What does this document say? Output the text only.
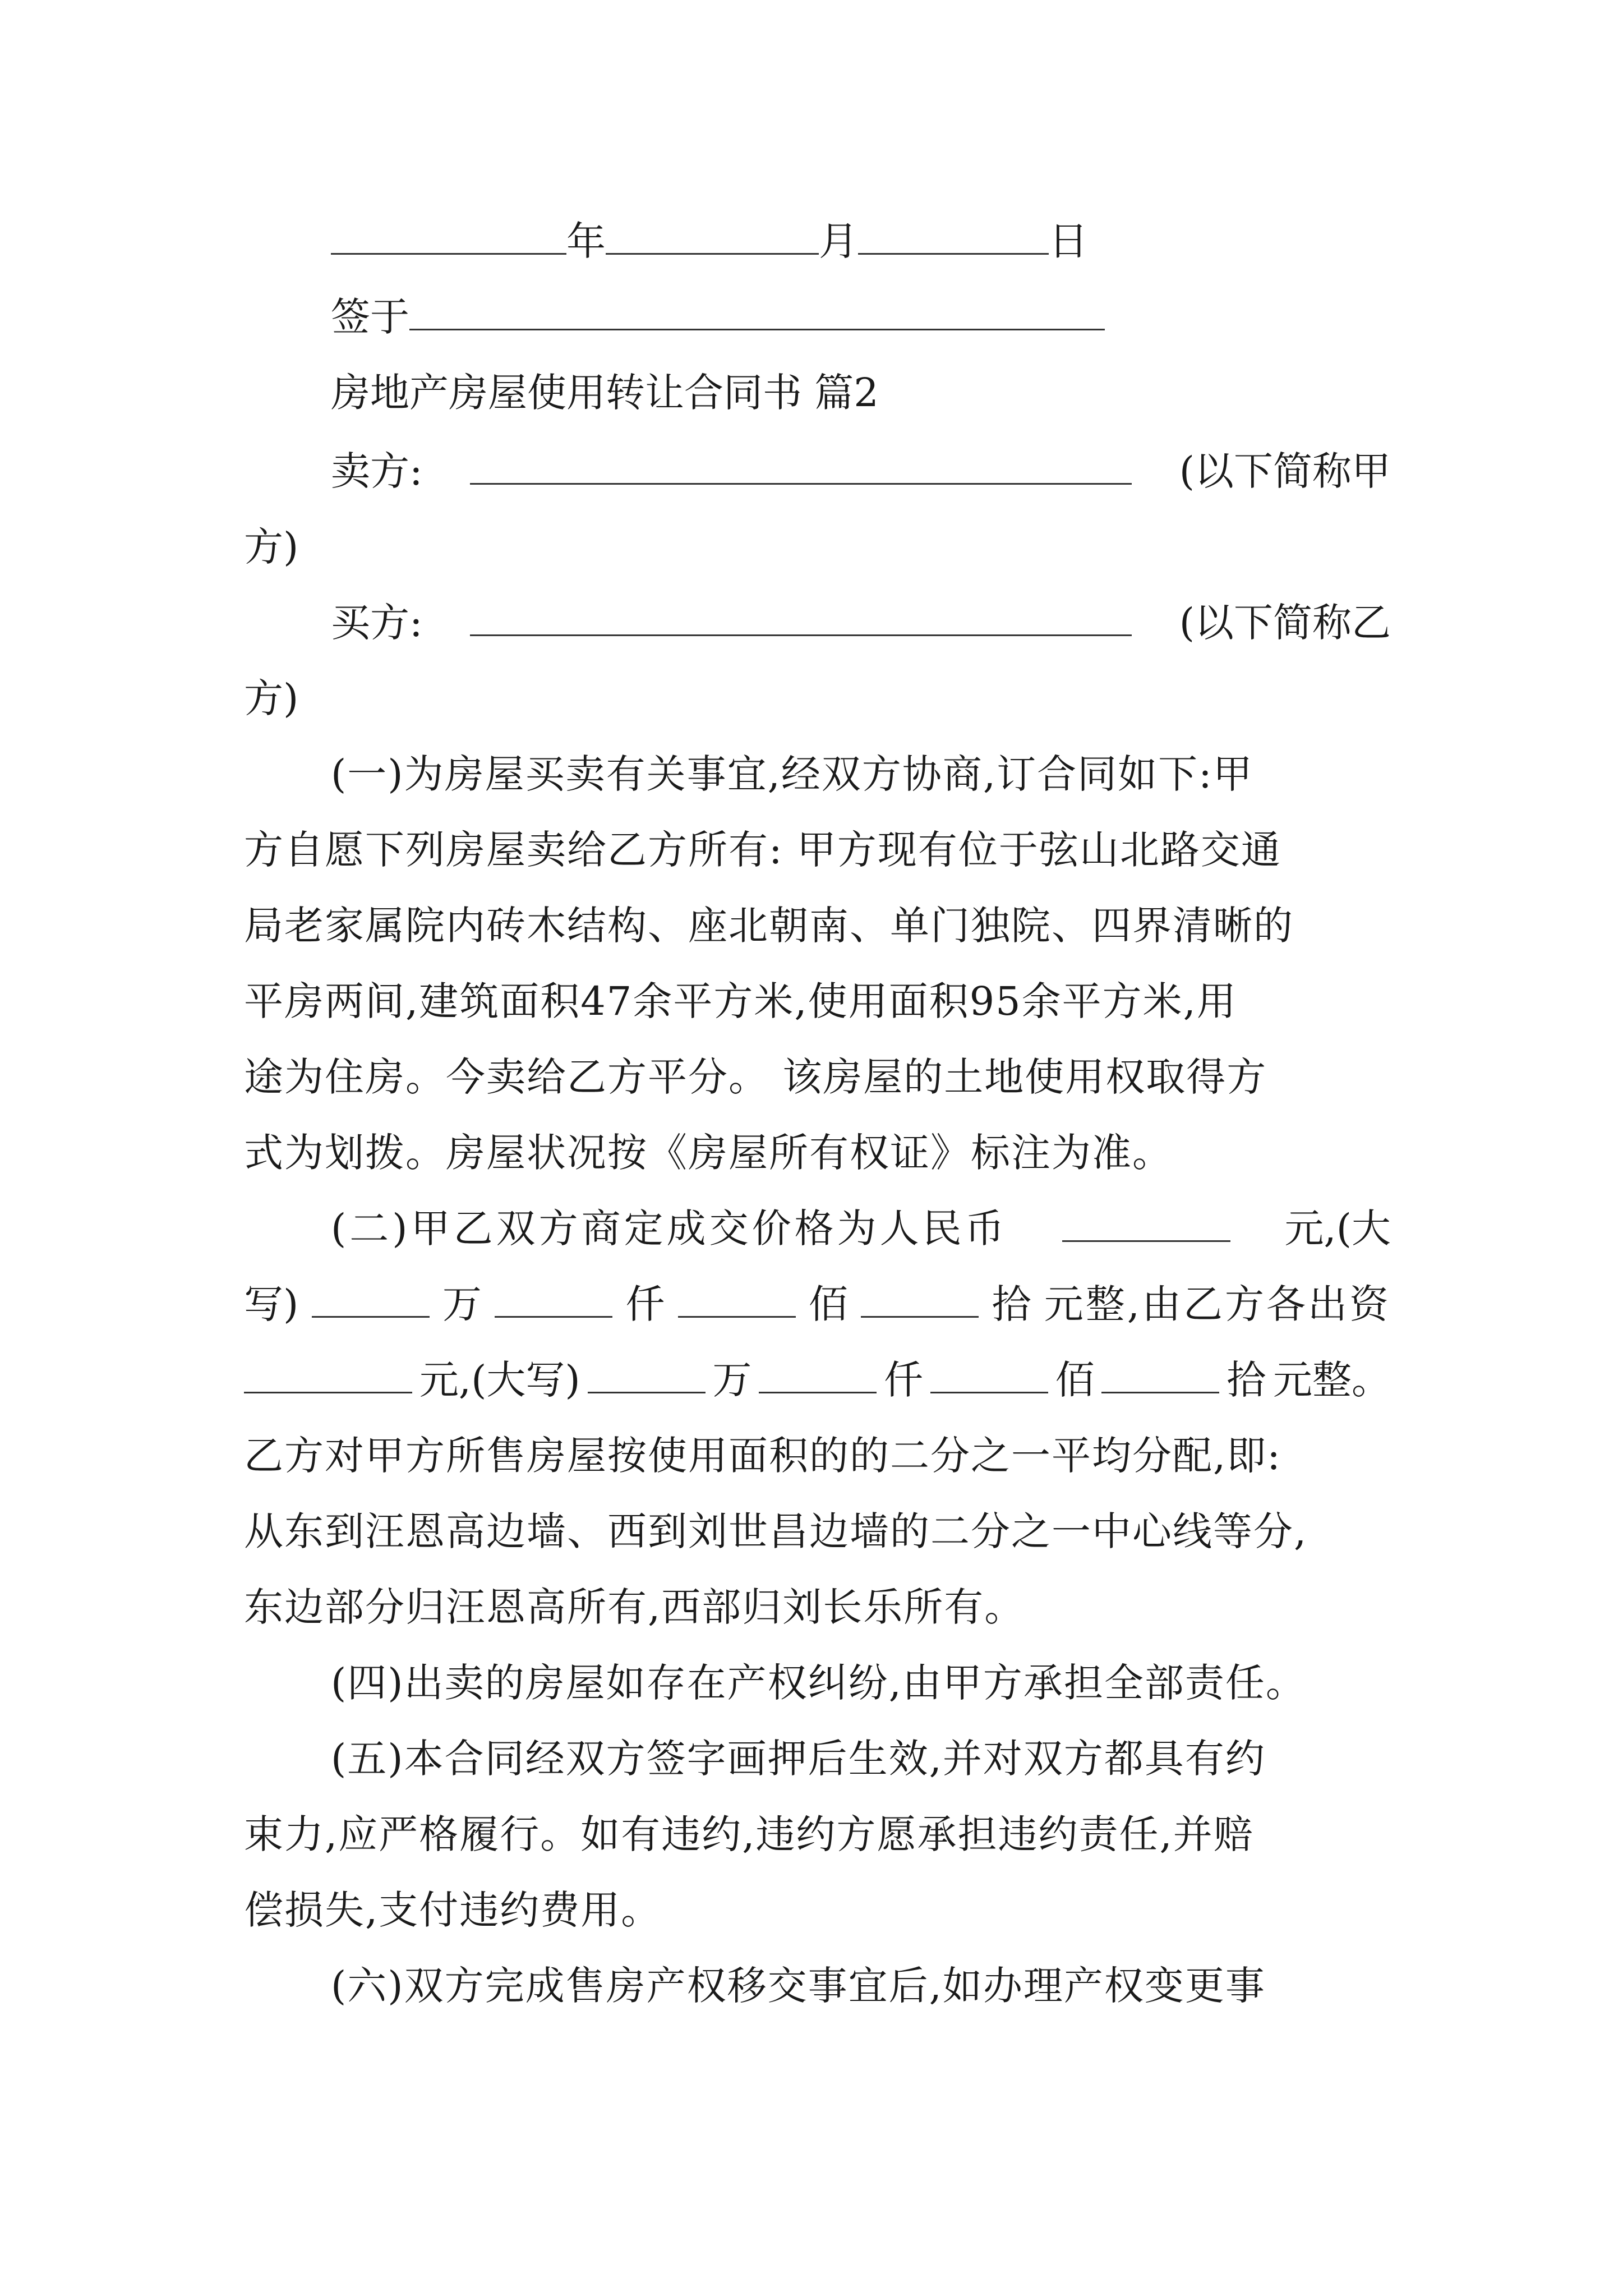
年	月	日
签于
房地产房屋使用转让合同书 篇2
卖方:	(以下简称甲
方)
买方:	(以下简称乙
方)
(一)为房屋买卖有关事宜,经双方协商,订合同如下:甲
方自愿下列房屋卖给乙方所有: 甲方现有位于弦山北路交通
局老家属院内砖木结构、座北朝南、单门独院、四界清晰的
平房两间,建筑面积47余平方米,使用面积95余平方米,用
途为住房。今卖给乙方平分。 该房屋的土地使用权取得方
式为划拨。房屋状况按《房屋所有权证》标注为准。
(二)甲乙双方商定成交价格为人民币	元,(大
写)	万	仟	佰	拾 元整,由乙方各出资
元,(大写)	万	仟	佰	拾 元整。
乙方对甲方所售房屋按使用面积的的二分之一平均分配,即:
从东到汪恩高边墙、西到刘世昌边墙的二分之一中心线等分,
东边部分归汪恩高所有,西部归刘长乐所有。
(四)出卖的房屋如存在产权纠纷,由甲方承担全部责任。
(五)本合同经双方签字画押后生效,并对双方都具有约
束力,应严格履行。如有违约,违约方愿承担违约责任,并赔
偿损失,支付违约费用。
(六)双方完成售房产权移交事宜后,如办理产权变更事
